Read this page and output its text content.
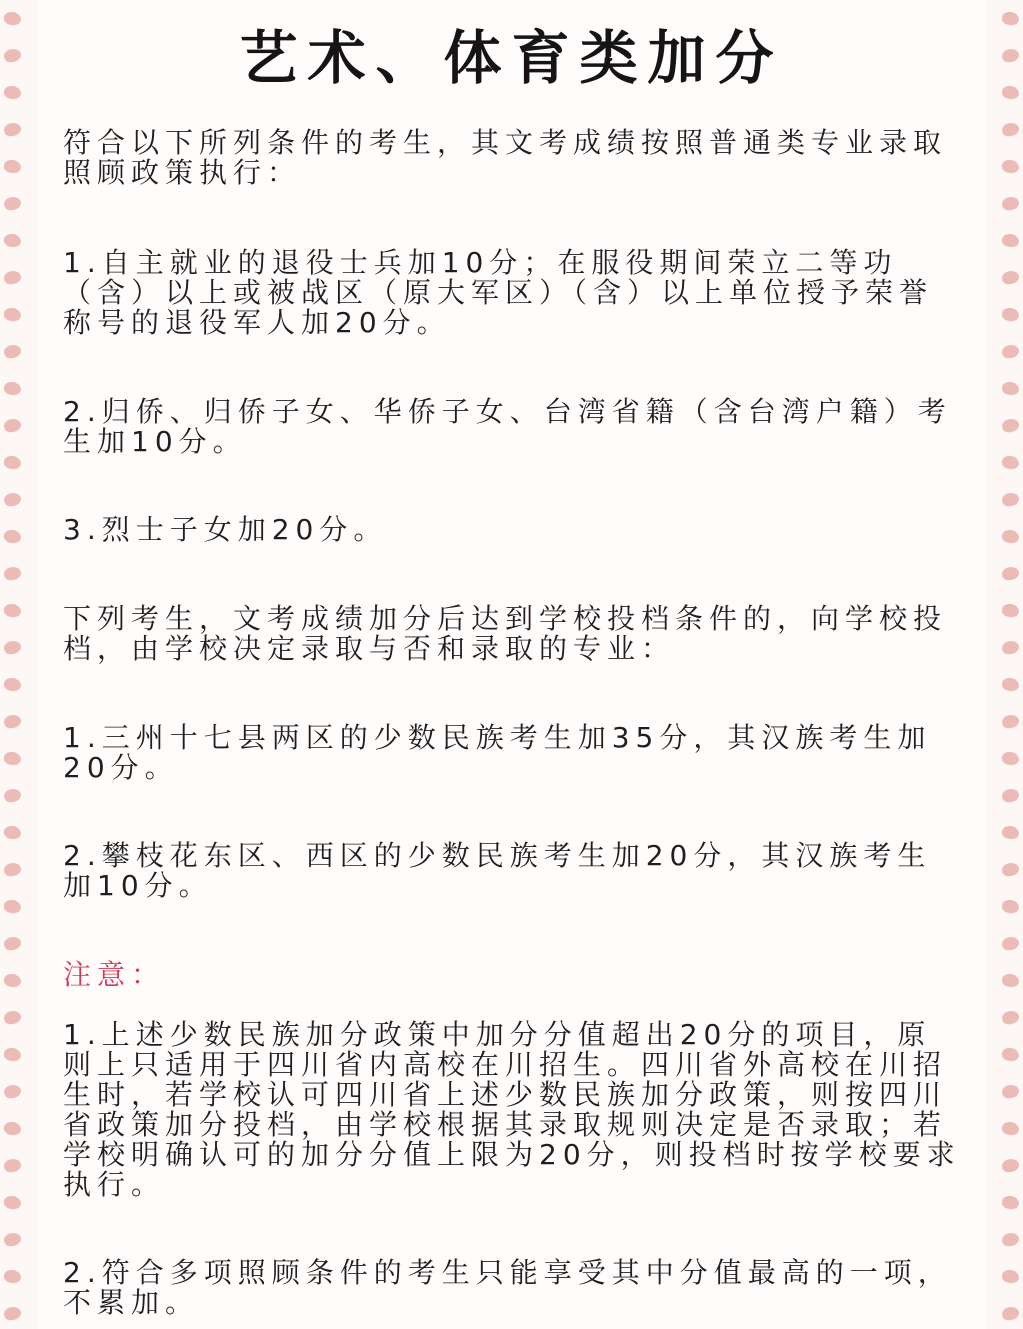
艺术、体育类加分
符合以下所列条件的考生，其文考成绩按照普通类专业录取照顾政策执行：
1.自主就业的退役士兵加10分；在服役期间荣立二等功（含）以上或被战区（原大军区）（含）以上单位授予荣誉称号的退役军人加20分。
2.归侨、归侨子女、华侨子女、台湾省籍（含台湾户籍）考生加10分。
3.烈士子女加20分。
下列考生，文考成绩加分后达到学校投档条件的，向学校投档，由学校决定录取与否和录取的专业：
1.三州十七县两区的少数民族考生加35分，其汉族考生加20分。
2.攀枝花东区、西区的少数民族考生加20分，其汉族考生加10分。
注意：
1.上述少数民族加分政策中加分分值超出20分的项目，原则上只适用于四川省内高校在川招生。四川省外高校在川招生时，若学校认可四川省上述少数民族加分政策，则按四川省政策加分投档，由学校根据其录取规则决定是否录取；若学校明确认可的加分分值上限为20分，则投档时按学校要求执行。
2.符合多项照顾条件的考生只能享受其中分值最高的一项，不累加。
